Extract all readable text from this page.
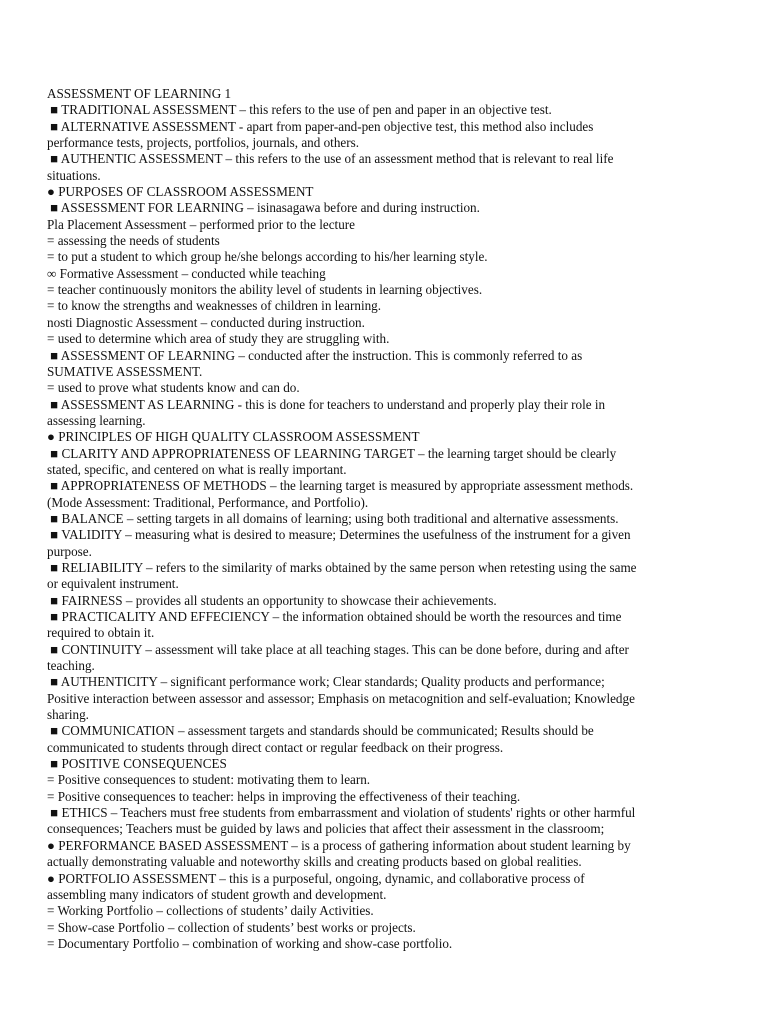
ASSESSMENT OF LEARNING 1
■ TRADITIONAL ASSESSMENT – this refers to the use of pen and paper in an objective test.
■ ALTERNATIVE ASSESSMENT - apart from paper-and-pen objective test, this method also includes
performance tests, projects, portfolios, journals, and others.
■ AUTHENTIC ASSESSMENT – this refers to the use of an assessment method that is relevant to real life
situations.
● PURPOSES OF CLASSROOM ASSESSMENT
■ ASSESSMENT FOR LEARNING – isinasagawa before and during instruction.
Pla Placement Assessment – performed prior to the lecture
= assessing the needs of students
= to put a student to which group he/she belongs according to his/her learning style.
∞ Formative Assessment – conducted while teaching
= teacher continuously monitors the ability level of students in learning objectives.
= to know the strengths and weaknesses of children in learning.
nosti Diagnostic Assessment – conducted during instruction.
= used to determine which area of study they are struggling with.
■ ASSESSMENT OF LEARNING – conducted after the instruction. This is commonly referred to as
SUMATIVE ASSESSMENT.
= used to prove what students know and can do.
■ ASSESSMENT AS LEARNING - this is done for teachers to understand and properly play their role in
assessing learning.
● PRINCIPLES OF HIGH QUALITY CLASSROOM ASSESSMENT
■ CLARITY AND APPROPRIATENESS OF LEARNING TARGET – the learning target should be clearly
stated, specific, and centered on what is really important.
■ APPROPRIATENESS OF METHODS – the learning target is measured by appropriate assessment methods.
(Mode Assessment: Traditional, Performance, and Portfolio).
■ BALANCE – setting targets in all domains of learning; using both traditional and alternative assessments.
■ VALIDITY – measuring what is desired to measure; Determines the usefulness of the instrument for a given
purpose.
■ RELIABILITY – refers to the similarity of marks obtained by the same person when retesting using the same
or equivalent instrument.
■ FAIRNESS – provides all students an opportunity to showcase their achievements.
■ PRACTICALITY AND EFFECIENCY – the information obtained should be worth the resources and time
required to obtain it.
■ CONTINUITY – assessment will take place at all teaching stages. This can be done before, during and after
teaching.
■ AUTHENTICITY – significant performance work; Clear standards; Quality products and performance;
Positive interaction between assessor and assessor; Emphasis on metacognition and self-evaluation; Knowledge
sharing.
■ COMMUNICATION – assessment targets and standards should be communicated; Results should be
communicated to students through direct contact or regular feedback on their progress.
■ POSITIVE CONSEQUENCES
= Positive consequences to student: motivating them to learn.
= Positive consequences to teacher: helps in improving the effectiveness of their teaching.
■ ETHICS – Teachers must free students from embarrassment and violation of students' rights or other harmful
consequences; Teachers must be guided by laws and policies that affect their assessment in the classroom;
● PERFORMANCE BASED ASSESSMENT – is a process of gathering information about student learning by
actually demonstrating valuable and noteworthy skills and creating products based on global realities.
● PORTFOLIO ASSESSMENT – this is a purposeful, ongoing, dynamic, and collaborative process of
assembling many indicators of student growth and development.
= Working Portfolio – collections of students’ daily Activities.
= Show-case Portfolio – collection of students’ best works or projects.
= Documentary Portfolio – combination of working and show-case portfolio.
